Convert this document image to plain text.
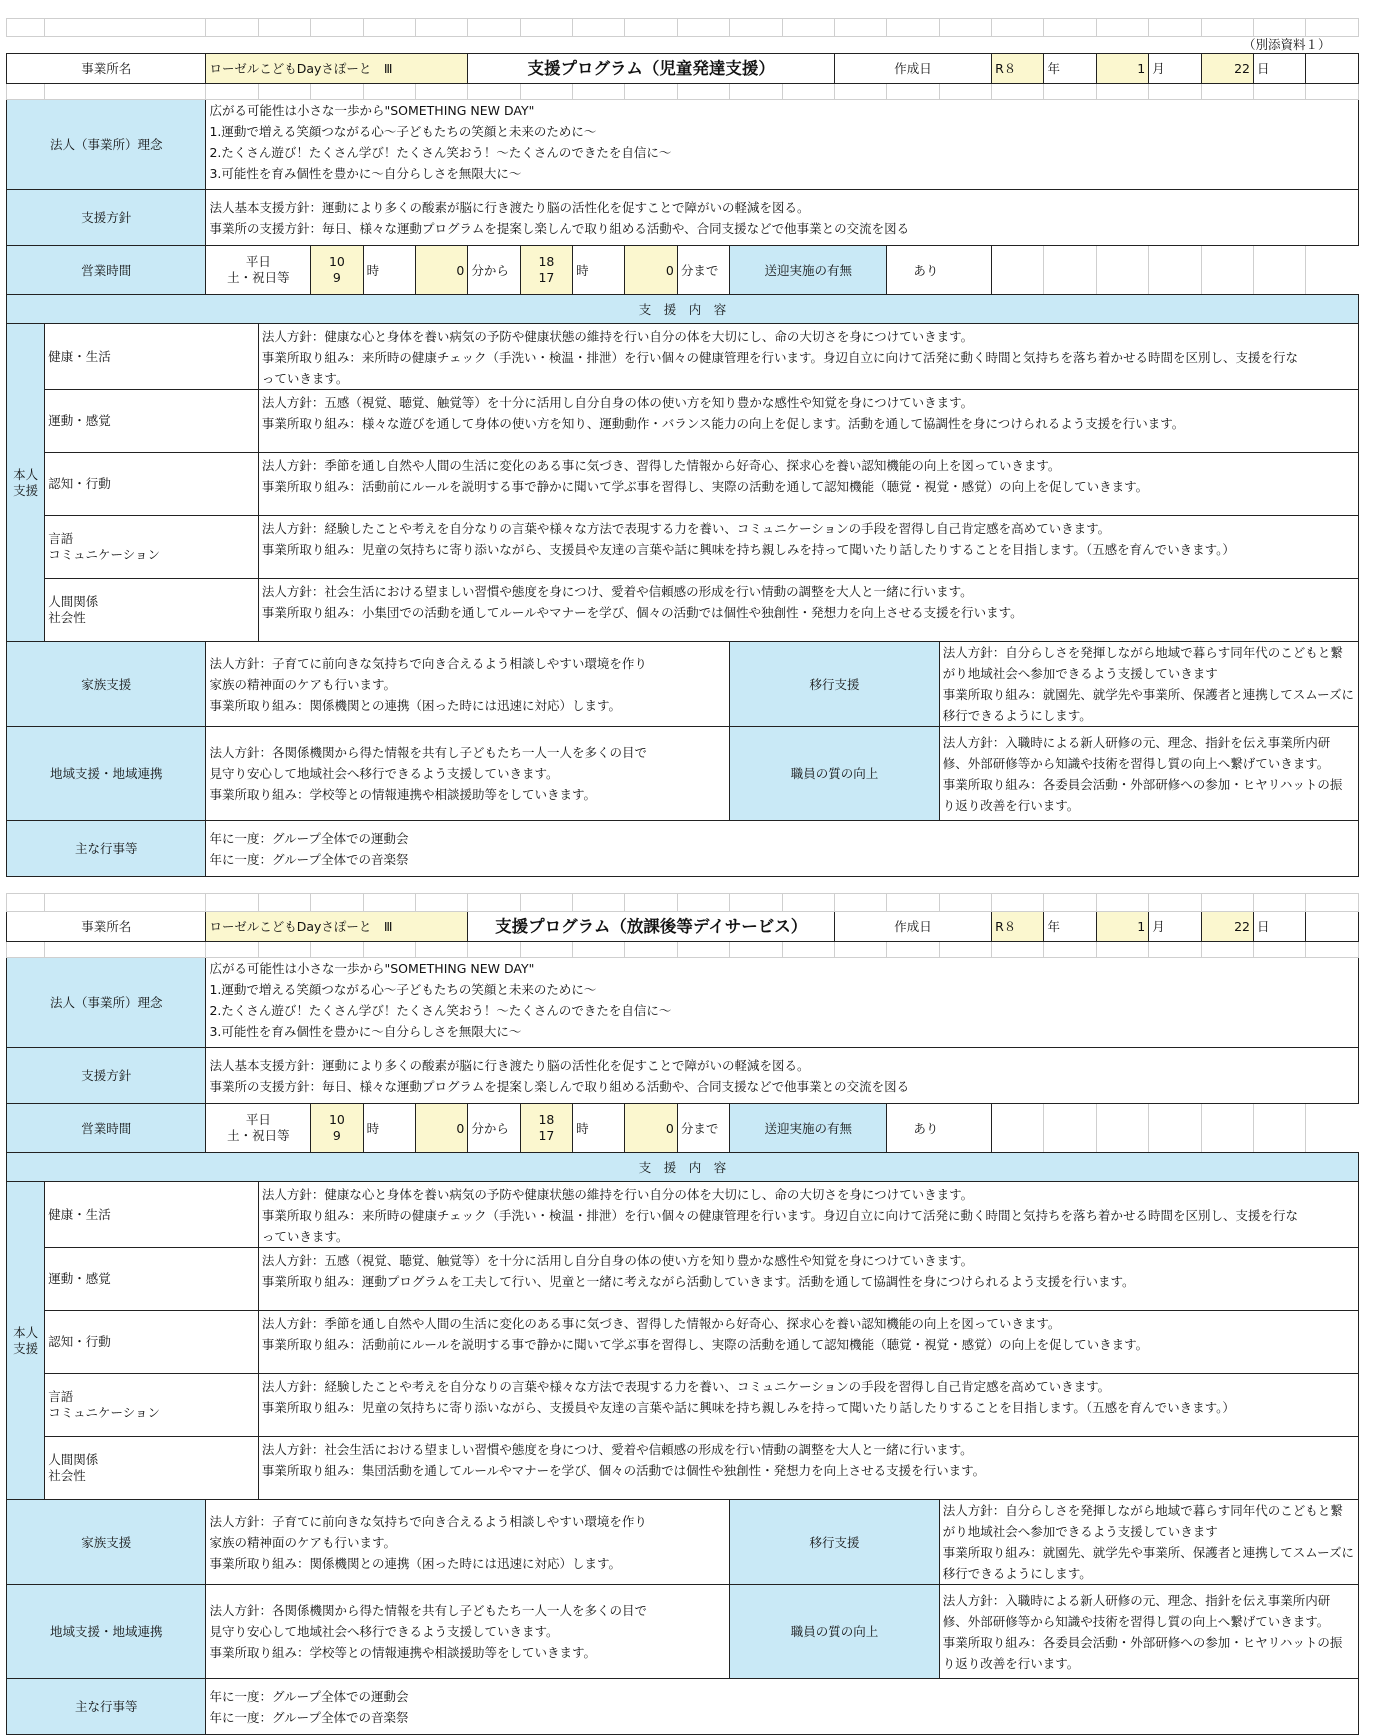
（別添資料１）																							
事業所名		ローゼルこどもDayさぽーと　Ⅲ					支援プログラム（児童発達支援）							作成日			R８	年	1	月	22	日	

法人（事業所）理念		広がる可能性は小さな一歩から"SOMETHING NEW DAY"
1.運動で増える笑顔つながる心〜子どもたちの笑顔と未来のために〜
2.たくさん遊び！たくさん学び！たくさん笑おう！〜たくさんのできたを自信に〜
3.可能性を育み個性を豊かに〜自分らしさを無限大に〜																					

支援方針		法人基本支援方針：運動により多くの酸素が脳に行き渡たり脳の活性化を促すことで障がいの軽減を図る。
事業所の支援方針：毎日、様々な運動プログラムを提案し楽しんで取り組める活動や、合同支援などで他事業との交流を図る																					

営業時間		平日
土・祝日等		10
9	時	0	分から	18
17	時	0	分まで	送迎実施の有無			あり								
支　援　内　容																							

本人
支援	健康・生活		法人方針：健康な心と身体を養い病気の予防や健康状態の維持を行い自分の体を大切にし、命の大切さを身につけていきます。
事業所取り組み：来所時の健康チェック（手洗い・検温・排泄）を行い個々の健康管理を行います。身辺自立に向けて活発に動く時間と気持ちを落ち着かせる時間を区別し、支援を行な
っていきます。																				

	運動・感覚		法人方針：五感（視覚、聴覚、触覚等）を十分に活用し自分自身の体の使い方を知り豊かな感性や知覚を身につけていきます。
事業所取り組み：様々な遊びを通して身体の使い方を知り、運動動作・バランス能力の向上を促します。活動を通して協調性を身につけられるよう支援を行います。																				

	認知・行動		法人方針：季節を通し自然や人間の生活に変化のある事に気づき、習得した情報から好奇心、探求心を養い認知機能の向上を図っていきます。
事業所取り組み：活動前にルールを説明する事で静かに聞いて学ぶ事を習得し、実際の活動を通して認知機能（聴覚・視覚・感覚）の向上を促していきます。																				

	言語
コミュニケーション		法人方針：経験したことや考えを自分なりの言葉や様々な方法で表現する力を養い、コミュニケーションの手段を習得し自己肯定感を高めていきます。
事業所取り組み：児童の気持ちに寄り添いながら、支援員や友達の言葉や話に興味を持ち親しみを持って聞いたり話したりすることを目指します。（五感を育んでいきます。）																				

	人間関係
社会性		法人方針：社会生活における望ましい習慣や態度を身につけ、愛着や信頼感の形成を行い情動の調整を大人と一緒に行います。
事業所取り組み：小集団での活動を通してルールやマナーを学び、個々の活動では個性や独創性・発想力を向上させる支援を行います。																				

家族支援		法人方針：子育てに前向きな気持ちで向き合えるよう相談しやすい環境を作り
家族の精神面のケアも行います。
事業所取り組み：関係機関との連携（困った時には迅速に対応）します。										移行支援				法人方針：自分らしさを発揮しながら地域で暮らす同年代のこどもと繋
がり地域社会へ参加できるよう支援していきます
事業所取り組み：就園先、就学先や事業所、保護者と連携してスムーズに
移行できるようにします。							

地域支援・地域連携		法人方針：各関係機関から得た情報を共有し子どもたち一人一人を多くの目で
見守り安心して地域社会へ移行できるよう支援していきます。
事業所取り組み：学校等との情報連携や相談援助等をしていきます。										職員の質の向上				法人方針：入職時による新人研修の元、理念、指針を伝え事業所内研
修、外部研修等から知識や技術を習得し質の向上へ繋げていきます。
事業所取り組み：各委員会活動・外部研修への参加・ヒヤリハットの振
り返り改善を行います。							

主な行事等		年に一度：グループ全体での運動会
年に一度：グループ全体での音楽祭																					

事業所名		ローゼルこどもDayさぽーと　Ⅲ					支援プログラム（放課後等デイサービス）							作成日			R８	年	1	月	22	日	

法人（事業所）理念		広がる可能性は小さな一歩から"SOMETHING NEW DAY"
1.運動で増える笑顔つながる心〜子どもたちの笑顔と未来のために〜
2.たくさん遊び！たくさん学び！たくさん笑おう！〜たくさんのできたを自信に〜
3.可能性を育み個性を豊かに〜自分らしさを無限大に〜																					

支援方針		法人基本支援方針：運動により多くの酸素が脳に行き渡たり脳の活性化を促すことで障がいの軽減を図る。
事業所の支援方針：毎日、様々な運動プログラムを提案し楽しんで取り組める活動や、合同支援などで他事業との交流を図る																					

営業時間		平日
土・祝日等		10
9	時	0	分から	18
17	時	0	分まで	送迎実施の有無			あり								
支　援　内　容																							

本人
支援	健康・生活		法人方針：健康な心と身体を養い病気の予防や健康状態の維持を行い自分の体を大切にし、命の大切さを身につけていきます。
事業所取り組み：来所時の健康チェック（手洗い・検温・排泄）を行い個々の健康管理を行います。身辺自立に向けて活発に動く時間と気持ちを落ち着かせる時間を区別し、支援を行な
っていきます。																				

	運動・感覚		法人方針：五感（視覚、聴覚、触覚等）を十分に活用し自分自身の体の使い方を知り豊かな感性や知覚を身につけていきます。
事業所取り組み：運動プログラムを工夫して行い、児童と一緒に考えながら活動していきます。活動を通して協調性を身につけられるよう支援を行います。																				

	認知・行動		法人方針：季節を通し自然や人間の生活に変化のある事に気づき、習得した情報から好奇心、探求心を養い認知機能の向上を図っていきます。
事業所取り組み：活動前にルールを説明する事で静かに聞いて学ぶ事を習得し、実際の活動を通して認知機能（聴覚・視覚・感覚）の向上を促していきます。																				

	言語
コミュニケーション		法人方針：経験したことや考えを自分なりの言葉や様々な方法で表現する力を養い、コミュニケーションの手段を習得し自己肯定感を高めていきます。
事業所取り組み：児童の気持ちに寄り添いながら、支援員や友達の言葉や話に興味を持ち親しみを持って聞いたり話したりすることを目指します。（五感を育んでいきます。）																				

	人間関係
社会性		法人方針：社会生活における望ましい習慣や態度を身につけ、愛着や信頼感の形成を行い情動の調整を大人と一緒に行います。
事業所取り組み：集団活動を通してルールやマナーを学び、個々の活動では個性や独創性・発想力を向上させる支援を行います。																				

家族支援		法人方針：子育てに前向きな気持ちで向き合えるよう相談しやすい環境を作り
家族の精神面のケアも行います。
事業所取り組み：関係機関との連携（困った時には迅速に対応）します。										移行支援				法人方針：自分らしさを発揮しながら地域で暮らす同年代のこどもと繋
がり地域社会へ参加できるよう支援していきます
事業所取り組み：就園先、就学先や事業所、保護者と連携してスムーズに
移行できるようにします。							

地域支援・地域連携		法人方針：各関係機関から得た情報を共有し子どもたち一人一人を多くの目で
見守り安心して地域社会へ移行できるよう支援していきます。
事業所取り組み：学校等との情報連携や相談援助等をしていきます。										職員の質の向上				法人方針：入職時による新人研修の元、理念、指針を伝え事業所内研
修、外部研修等から知識や技術を習得し質の向上へ繋げていきます。
事業所取り組み：各委員会活動・外部研修への参加・ヒヤリハットの振
り返り改善を行います。							

主な行事等		年に一度：グループ全体での運動会
年に一度：グループ全体での音楽祭																					
